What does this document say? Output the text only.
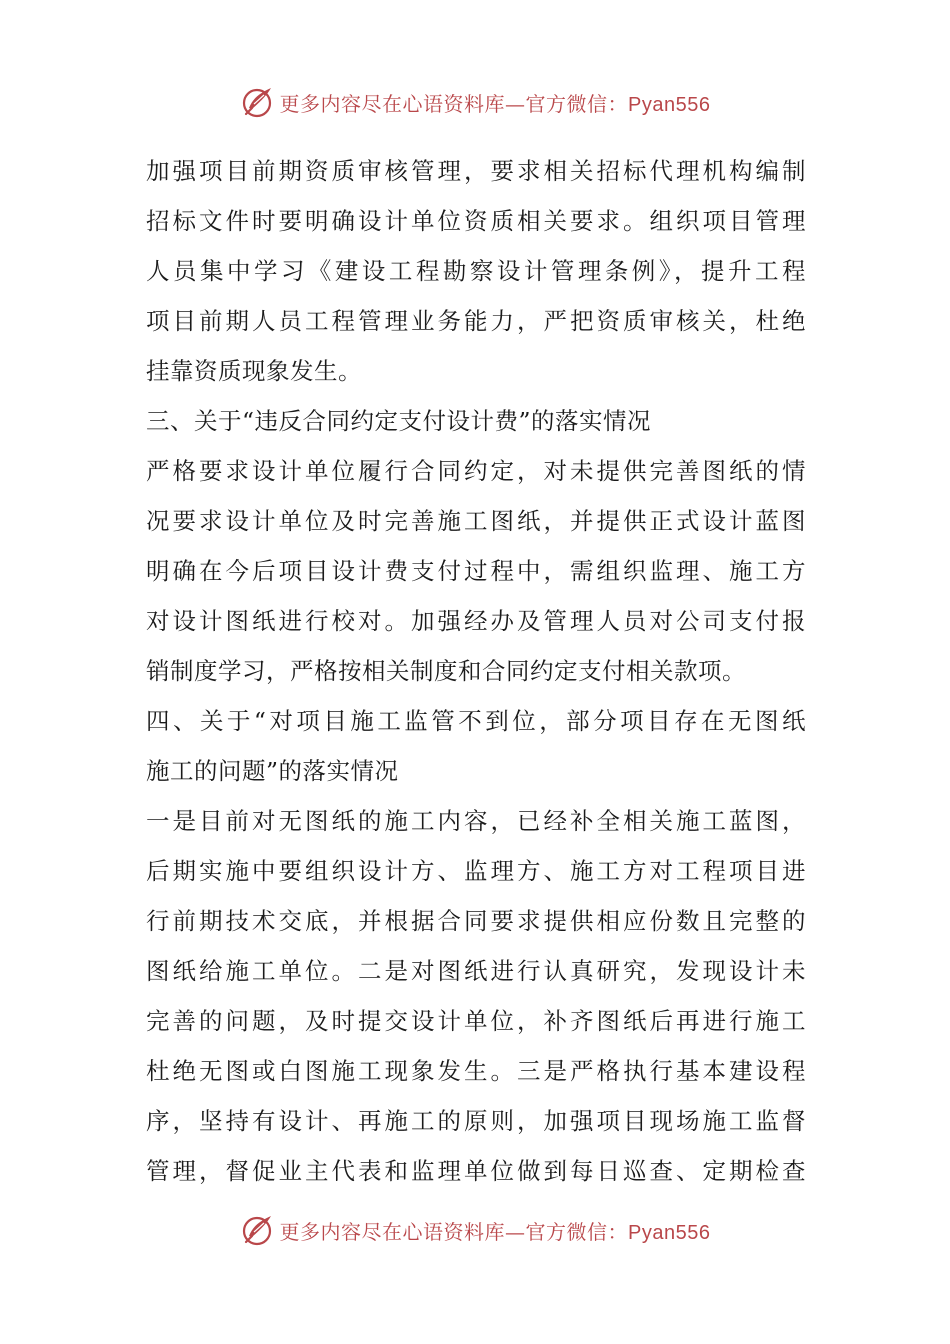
更多内容尽在心语资料库—官方微信：Pyan556
加强项目前期资质审核管理，要求相关招标代理机构编制
招标文件时要明确设计单位资质相关要求。组织项目管理
人员集中学习《建设工程勘察设计管理条例》，提升工程
项目前期人员工程管理业务能力，严把资质审核关，杜绝
挂靠资质现象发生。
三、关于“违反合同约定支付设计费”的落实情况
严格要求设计单位履行合同约定，对未提供完善图纸的情
况要求设计单位及时完善施工图纸，并提供正式设计蓝图
明确在今后项目设计费支付过程中，需组织监理、施工方
对设计图纸进行校对。加强经办及管理人员对公司支付报
销制度学习，严格按相关制度和合同约定支付相关款项。
四、关于“对项目施工监管不到位，部分项目存在无图纸
施工的问题”的落实情况
一是目前对无图纸的施工内容，已经补全相关施工蓝图，
后期实施中要组织设计方、监理方、施工方对工程项目进
行前期技术交底，并根据合同要求提供相应份数且完整的
图纸给施工单位。二是对图纸进行认真研究，发现设计未
完善的问题，及时提交设计单位，补齐图纸后再进行施工
杜绝无图或白图施工现象发生。三是严格执行基本建设程
序，坚持有设计、再施工的原则，加强项目现场施工监督
管理，督促业主代表和监理单位做到每日巡查、定期检查
更多内容尽在心语资料库—官方微信：Pyan556
